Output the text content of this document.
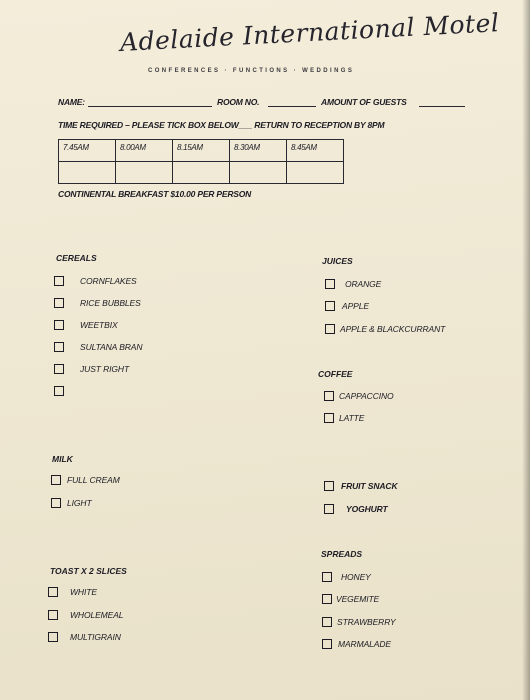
Adelaide International Motel
CONFERENCES · FUNCTIONS · WEDDINGS
NAME:	ROOM NO.	AMOUNT OF GUESTS
TIME REQUIRED – PLEASE TICK BOX BELOW___ RETURN TO RECEPTION BY 8PM
7.45AM	8.00AM	8.15AM	8.30AM	8.45AM

CONTINENTAL BREAKFAST $10.00 PER PERSON
CEREALS
CORNFLAKES
RICE BUBBLES
WEETBIX
SULTANA BRAN
JUST RIGHT
MILK
FULL CREAM
LIGHT
TOAST X 2 SLICES
WHITE
WHOLEMEAL
MULTIGRAIN
JUICES
ORANGE
APPLE
APPLE & BLACKCURRANT
COFFEE
CAPPACCINO
LATTE
FRUIT SNACK
YOGHURT
SPREADS
HONEY
VEGEMITE
STRAWBERRY
MARMALADE
